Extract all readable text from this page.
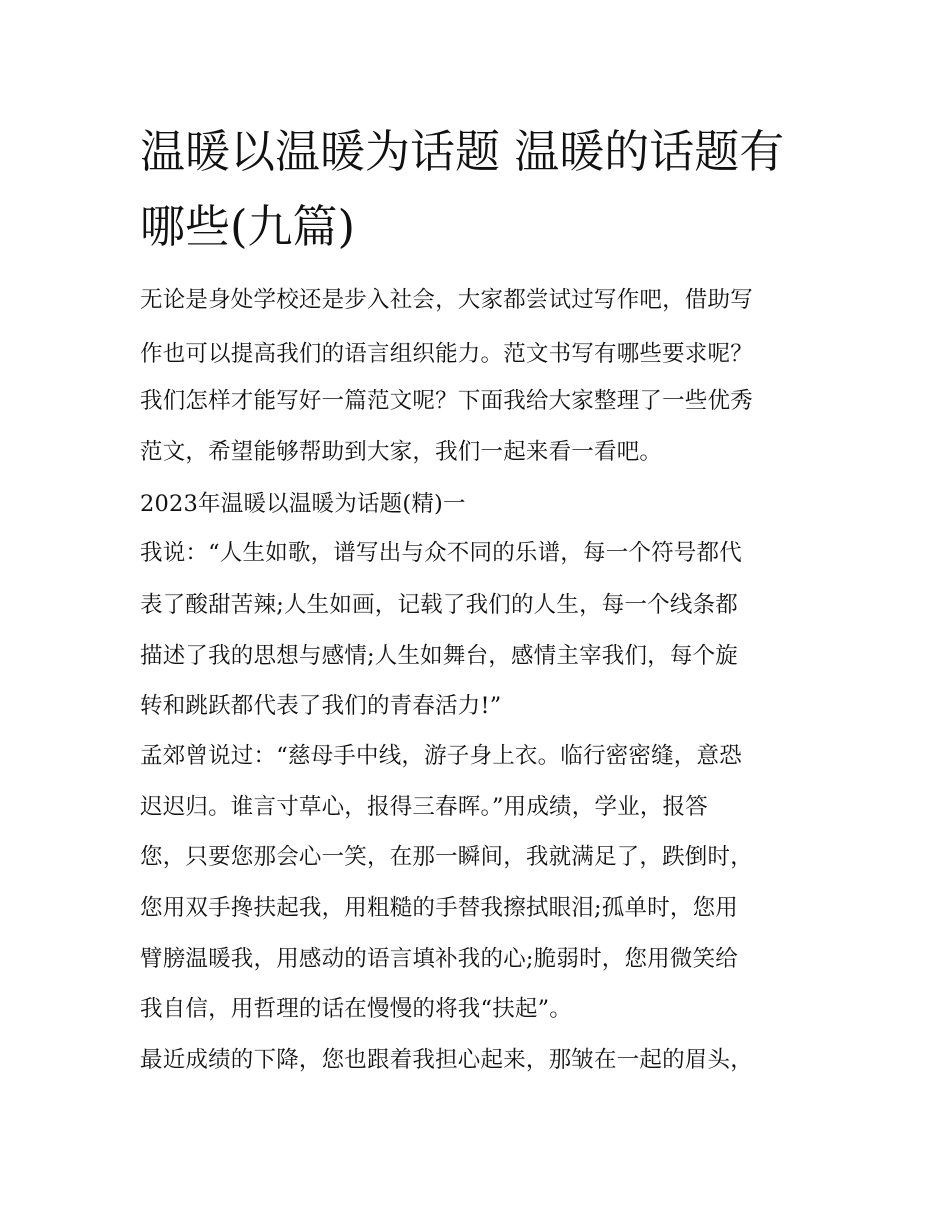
温暖以温暖为话题 温暖的话题有哪些(九篇)

无论是身处学校还是步入社会，大家都尝试过写作吧，借助写

作也可以提高我们的语言组织能力。范文书写有哪些要求呢？

我们怎样才能写好一篇范文呢？下面我给大家整理了一些优秀

范文，希望能够帮助到大家，我们一起来看一看吧。

2023年温暖以温暖为话题(精)一

我说：“人生如歌，谱写出与众不同的乐谱，每一个符号都代

表了酸甜苦辣;人生如画，记载了我们的人生，每一个线条都

描述了我的思想与感情;人生如舞台，感情主宰我们，每个旋

转和跳跃都代表了我们的青春活力!”

孟郊曾说过：“慈母手中线，游子身上衣。临行密密缝，意恐

迟迟归。谁言寸草心，报得三春晖。”用成绩，学业，报答

您，只要您那会心一笑，在那一瞬间，我就满足了，跌倒时，

您用双手搀扶起我，用粗糙的手替我擦拭眼泪;孤单时，您用

臂膀温暖我，用感动的语言填补我的心;脆弱时，您用微笑给

我自信，用哲理的话在慢慢的将我“扶起”。

最近成绩的下降，您也跟着我担心起来，那皱在一起的眉头，
